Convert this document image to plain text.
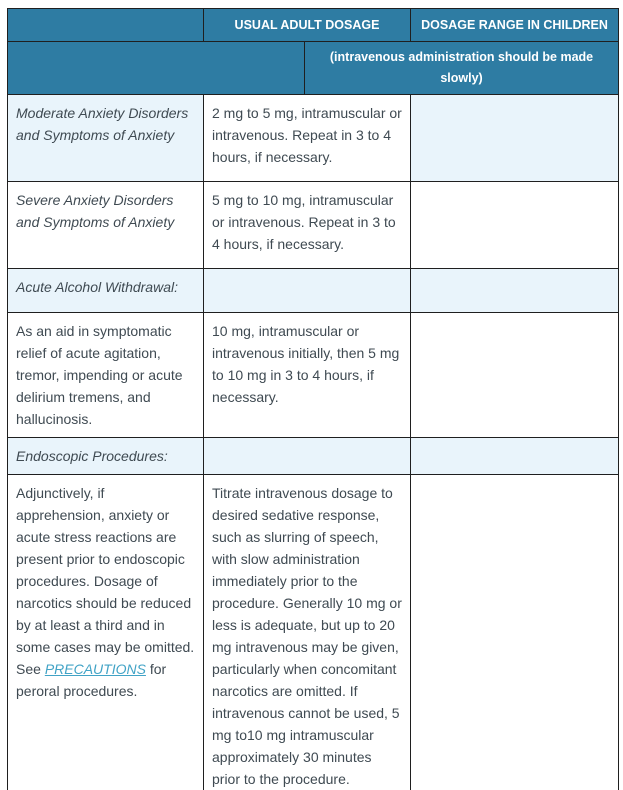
	USUAL ADULT DOSAGE		DOSAGE RANGE IN CHILDREN
		(intravenous administration should be made slowly)	
Moderate Anxiety Disorders and Symptoms of Anxiety	2 mg to 5 mg, intramuscular or intravenous. Repeat in 3 to 4 hours, if necessary.		
Severe Anxiety Disorders and Symptoms of Anxiety	5 mg to 10 mg, intramuscular or intravenous. Repeat in 3 to 4 hours, if necessary.		
Acute Alcohol Withdrawal:			
As an aid in symptomatic relief of acute agitation, tremor, impending or acute delirium tremens, and hallucinosis.	10 mg, intramuscular or intravenous initially, then 5 mg to 10 mg in 3 to 4 hours, if necessary.		
Endoscopic Procedures:			
Adjunctively, if apprehension, anxiety or acute stress reactions are present prior to endoscopic procedures. Dosage of narcotics should be reduced by at least a third and in some cases may be omitted. See PRECAUTIONS for peroral procedures.	Titrate intravenous dosage to desired sedative response, such as slurring of speech, with slow administration immediately prior to the procedure. Generally 10 mg or less is adequate, but up to 20 mg intravenous may be given, particularly when concomitant narcotics are omitted. If intravenous cannot be used, 5 mg to10 mg intramuscular approximately 30 minutes prior to the procedure.	
